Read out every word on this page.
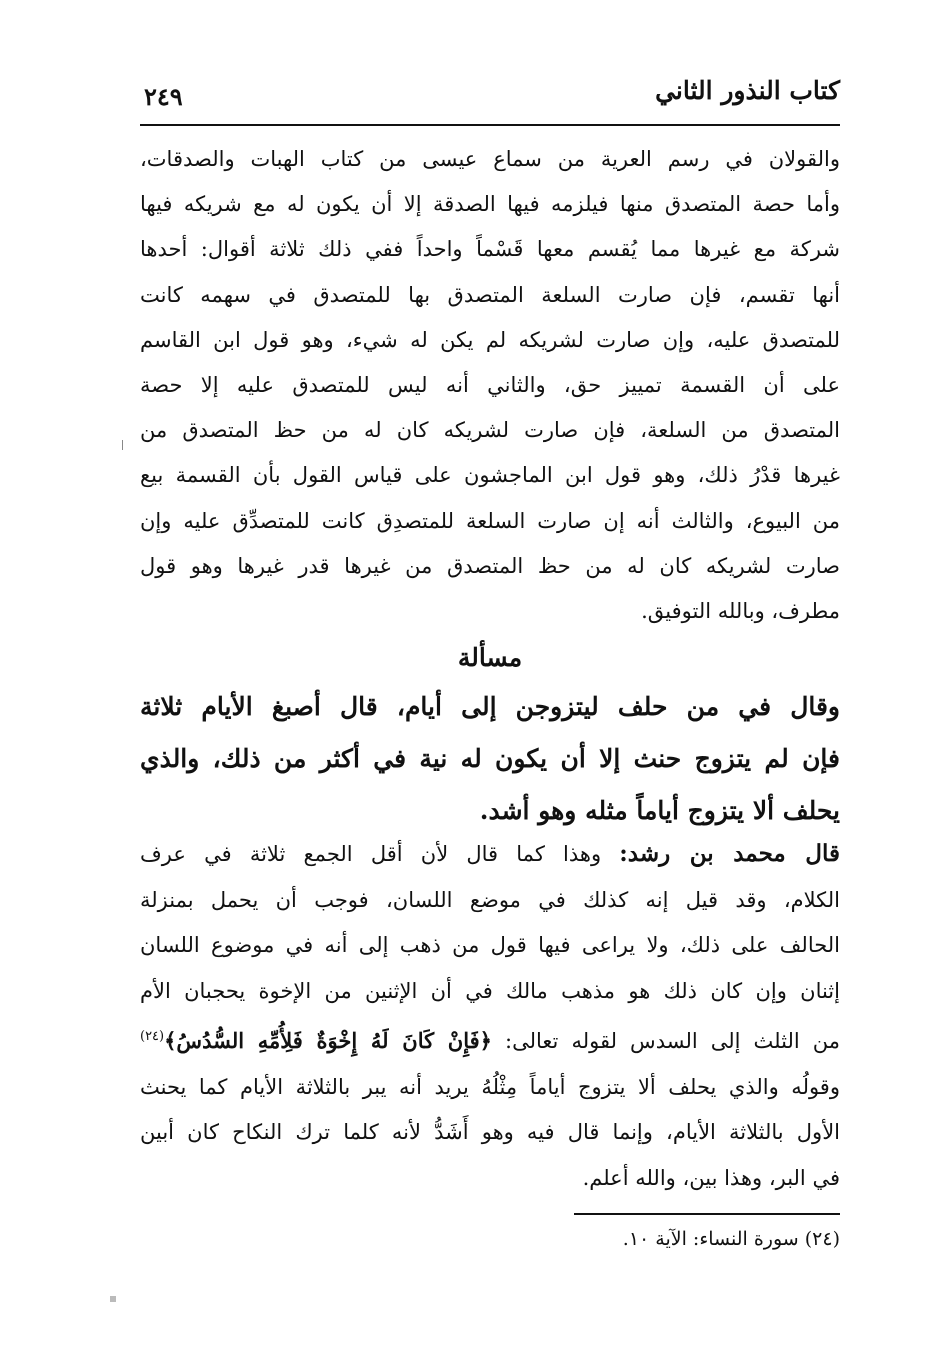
كتاب النذور الثاني
٢٤٩
والقولان في رسم العرية من سماع عيسى من كتاب الهبات والصدقات،
وأما حصة المتصدق منها فيلزمه فيها الصدقة إلا أن يكون له مع شريكه فيها
شركة مع غيرها مما يُقسم معها قَسْماً واحداً ففي ذلك ثلاثة أقوال: أحدها
أنها تقسم، فإن صارت السلعة المتصدق بها للمتصدق في سهمه كانت
للمتصدق عليه، وإن صارت لشريكه لم يكن له شيء، وهو قول ابن القاسم
على أن القسمة تمييز حق، والثاني أنه ليس للمتصدق عليه إلا حصة
المتصدق من السلعة، فإن صارت لشريكه كان له من حظ المتصدق من
غيرها قدْرُ ذلك، وهو قول ابن الماجشون على قياس القول بأن القسمة بيع
من البيوع، والثالث أنه إن صارت السلعة للمتصدِق كانت للمتصدِّق عليه وإن
صارت لشريكه كان له من حظ المتصدق من غيرها قدر غيرها وهو قول
مطرف، وبالله التوفيق.
مسألة
وقال في من حلف ليتزوجن إلى أيام، قال أصبغ الأيام ثلاثة
فإن لم يتزوج حنث إلا أن يكون له نية في أكثر من ذلك، والذي
يحلف ألا يتزوج أياماً مثله وهو أشد.
قال محمد بن رشد: وهذا كما قال لأن أقل الجمع ثلاثة في عرف
الكلام، وقد قيل إنه كذلك في موضع اللسان، فوجب أن يحمل بمنزلة
الحالف على ذلك، ولا يراعى فيها قول من ذهب إلى أنه في موضوع اللسان
إثنان وإن كان ذلك هو مذهب مالك في أن الإثنين من الإخوة يحجبان الأم
من الثلث إلى السدس لقوله تعالى: ﴿فَإِنْ كَانَ لَهُ إِخْوَةٌ فَلِأُمِّهِ السُّدُسُ﴾$^{(٢٤)}$
وقولُه والذي يحلف ألا يتزوج أياماً مِثْلُهُ يريد أنه يبر بالثلاثة الأيام كما يحنث
الأول بالثلاثة الأيام، وإنما قال فيه وهو أَشَدُّ لأنه كلما ترك النكاح كان أبين
في البر، وهذا بين، والله أعلم.
(٢٤) سورة النساء: الآية ١٠.
